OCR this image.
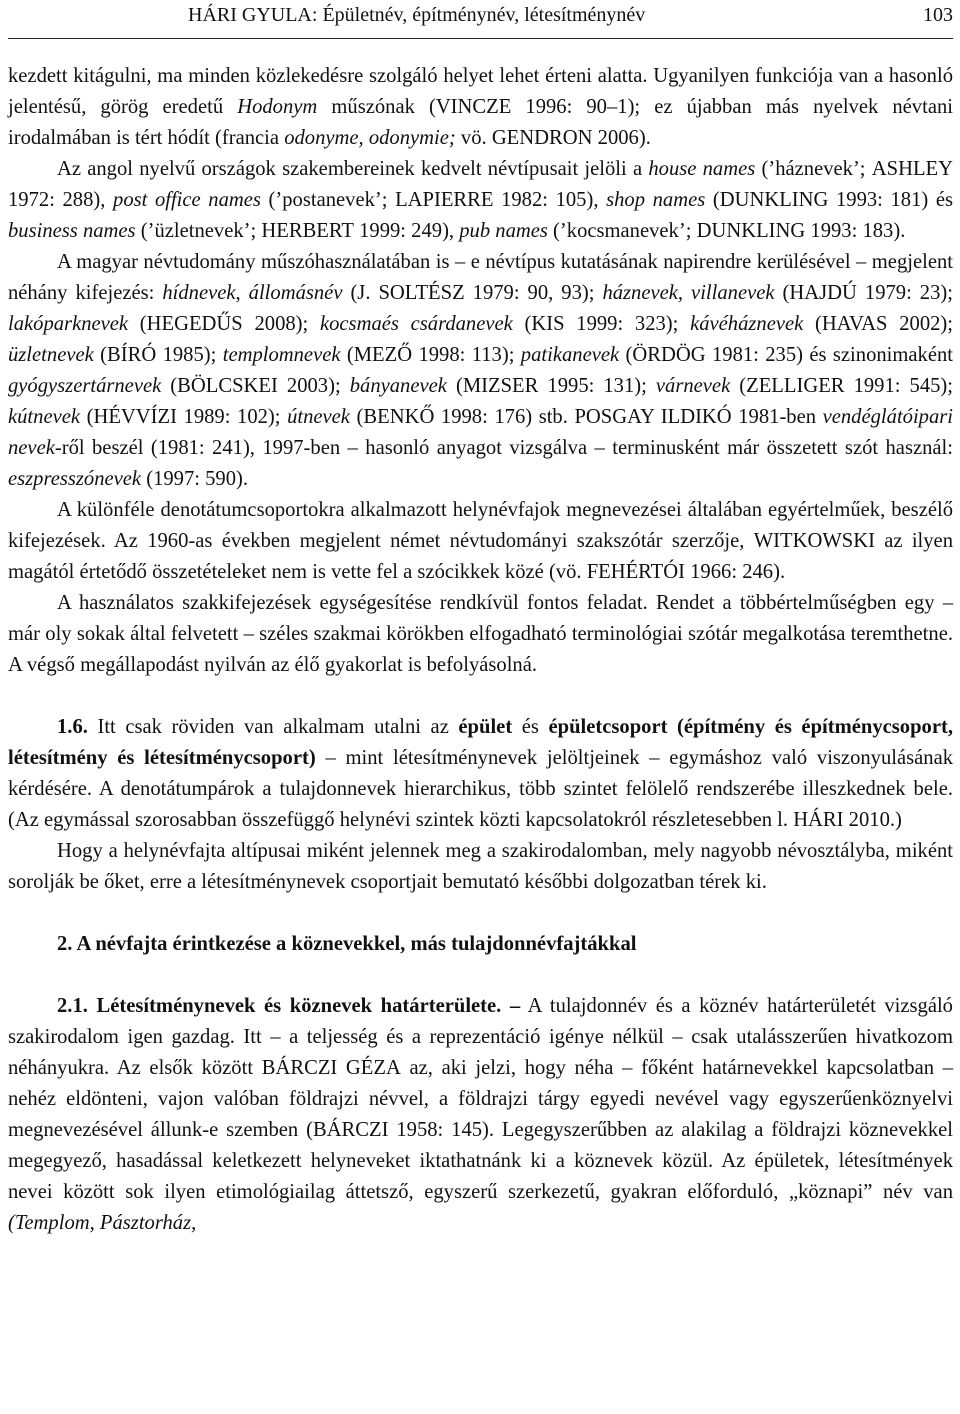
HÁRI GYULA: Épületnév, építménynév, létesítménynév	103

kezdett kitágulni, ma minden közlekedésre szolgáló helyet lehet érteni alatta. Ugyanilyen funkciója van a hasonló jelentésű, görög eredetű Hodonym műszónak (VINCZE 1996: 90–1); ez újabban más nyelvek névtani irodalmában is tért hódít (francia odonyme, odonymie; vö. GENDRON 2006).

Az angol nyelvű országok szakembereinek kedvelt névtípusait jelöli a house names (’háznevek’; ASHLEY 1972: 288), post office names (’postanevek’; LAPIERRE 1982: 105), shop names (DUNKLING 1993: 181) és business names (’üzletnevek’; HERBERT 1999: 249), pub names (’kocsmanevek’; DUNKLING 1993: 183).

A magyar névtudomány műszóhasználatában is – e névtípus kutatásának napirendre kerülésével – megjelent néhány kifejezés: hídnevek, állomásnév (J. SOLTÉSZ 1979: 90, 93); háznevek, villanevek (HAJDÚ 1979: 23); lakóparknevek (HEGEDŰS 2008); kocsmaés csárdanevek (KIS 1999: 323); kávéháznevek (HAVAS 2002); üzletnevek (BÍRÓ 1985); templomnevek (MEZŐ 1998: 113); patikanevek (ÖRDÖG 1981: 235) és szinonimaként gyógyszertárnevek (BÖLCSKEI 2003); bányanevek (MIZSER 1995: 131); várnevek (ZELLIGER 1991: 545); kútnevek (HÉVVÍZI 1989: 102); útnevek (BENKŐ 1998: 176) stb. POSGAY ILDIKÓ 1981-ben vendéglátóipari nevek-ről beszél (1981: 241), 1997-ben – hasonló anyagot vizsgálva – terminusként már összetett szót használ: eszpresszónevek (1997: 590).

A különféle denotátumcsoportokra alkalmazott helynévfajok megnevezései általában egyértelműek, beszélő kifejezések. Az 1960-as években megjelent német névtudományi szakszótár szerzője, WITKOWSKI az ilyen magától értetődő összetételeket nem is vette fel a szócikkek közé (vö. FEHÉRTÓI 1966: 246).

A használatos szakkifejezések egységesítése rendkívül fontos feladat. Rendet a többértelműségben egy – már oly sokak által felvetett – széles szakmai körökben elfogadható terminológiai szótár megalkotása teremthetne. A végső megállapodást nyilván az élő gyakorlat is befolyásolná.

1.6. Itt csak röviden van alkalmam utalni az épület és épületcsoport (építmény és építménycsoport, létesítmény és létesítménycsoport) – mint létesítménynevek jelöltjeinek – egymáshoz való viszonyulásának kérdésére. A denotátumpárok a tulajdonnevek hierarchikus, több szintet felölelő rendszerébe illeszkednek bele. (Az egymással szorosabban összefüggő helynévi szintek közti kapcsolatokról részletesebben l. HÁRI 2010.)

Hogy a helynévfajta altípusai miként jelennek meg a szakirodalomban, mely nagyobb névosztályba, miként sorolják be őket, erre a létesítménynevek csoportjait bemutató későbbi dolgozatban térek ki.

2. A névfajta érintkezése a köznevekkel, más tulajdonnévfajtákkal

2.1. Létesítménynevek és köznevek határterülete. – A tulajdonnév és a köznév határterületét vizsgáló szakirodalom igen gazdag. Itt – a teljesség és a reprezentáció igénye nélkül – csak utalásszerűen hivatkozom néhányukra. Az elsők között BÁRCZI GÉZA az, aki jelzi, hogy néha – főként határnevekkel kapcsolatban – nehéz eldönteni, vajon valóban földrajzi névvel, a földrajzi tárgy egyedi nevével vagy egyszerűenköznyelvi megnevezésével állunk-e szemben (BÁRCZI 1958: 145). Legegyszerűbben az alakilag a földrajzi köznevekkel megegyező, hasadással keletkezett helyneveket iktathatnánk ki a köznevek közül. Az épületek, létesítmények nevei között sok ilyen etimológiailag áttetsző, egyszerű szerkezetű, gyakran előforduló, „köznapi” név van (Templom, Pásztorház,
